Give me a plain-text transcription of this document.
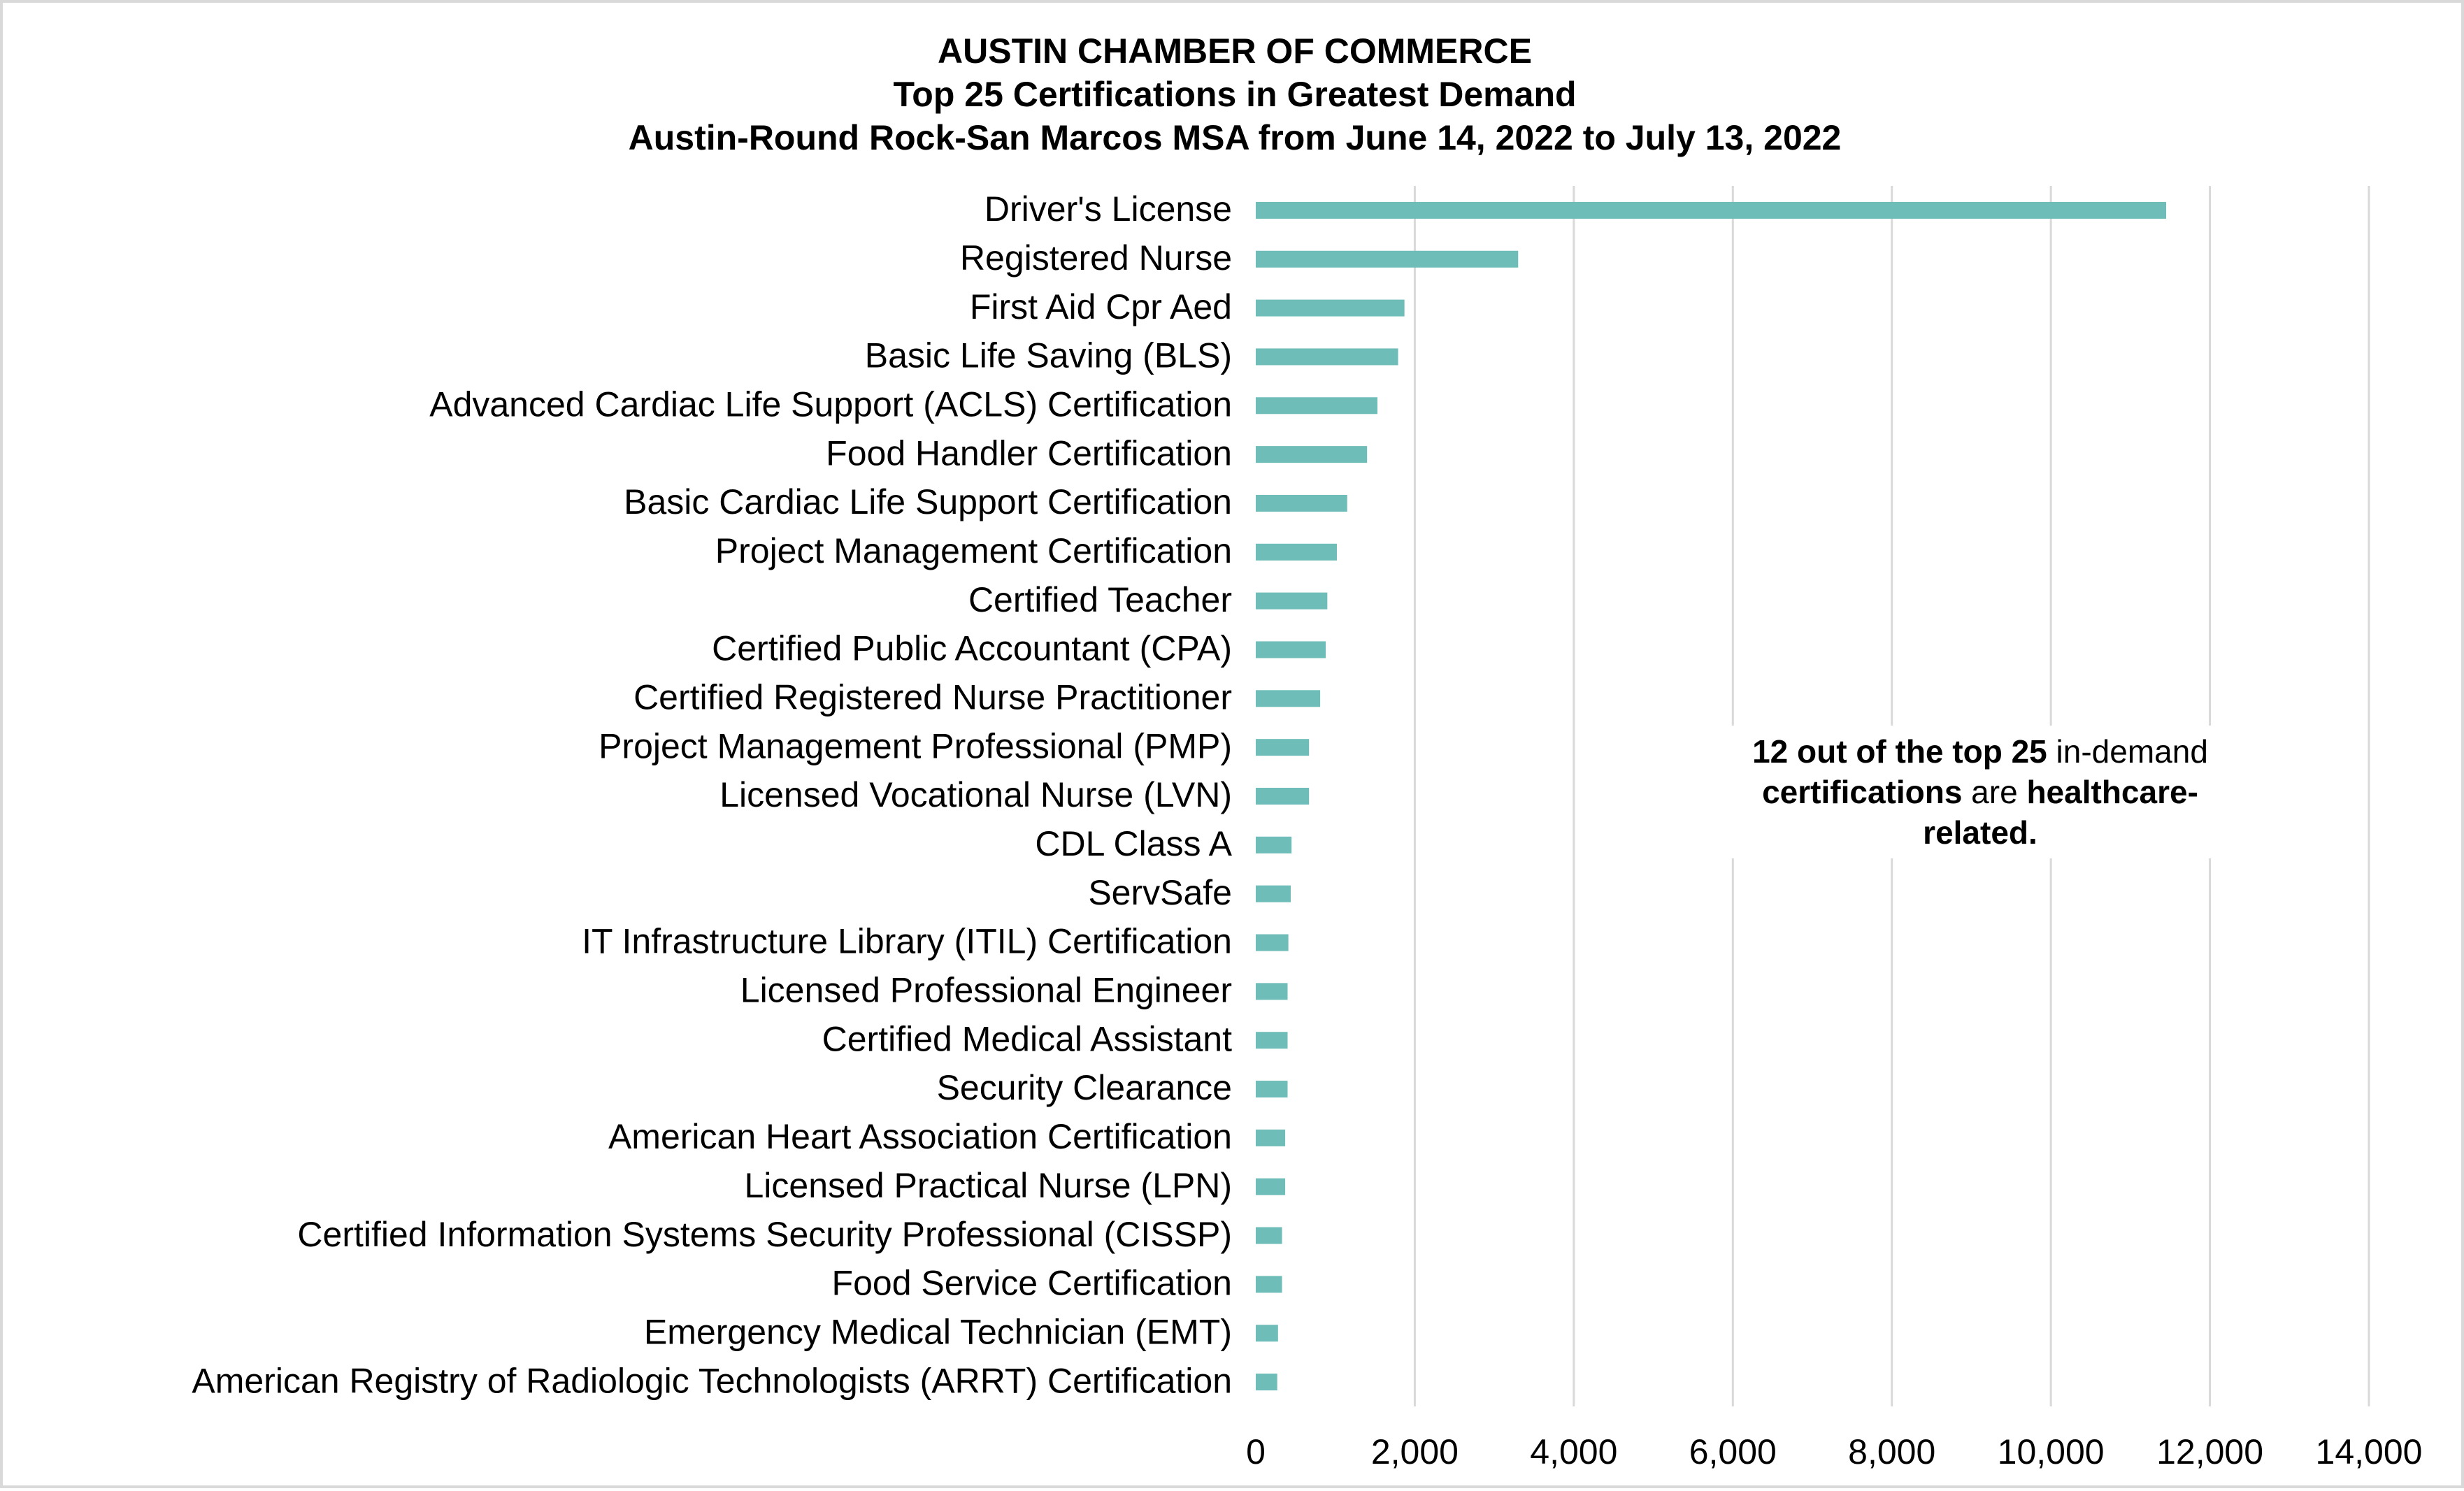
AUSTIN CHAMBER OF COMMERCE
Top 25 Certifications in Greatest Demand
Austin-Round Rock-San Marcos MSA from June 14, 2022 to July 13, 2022
Driver's License
Registered Nurse
First Aid Cpr Aed
Basic Life Saving (BLS)
Advanced Cardiac Life Support (ACLS) Certification
Food Handler Certification
Basic Cardiac Life Support Certification
Project Management Certification
Certified Teacher
Certified Public Accountant (CPA)
Certified Registered Nurse Practitioner
Project Management Professional (PMP)
Licensed Vocational Nurse (LVN)
CDL Class A
ServSafe
IT Infrastructure Library (ITIL) Certification
Licensed Professional Engineer
Certified Medical Assistant
Security Clearance
American Heart Association Certification
Licensed Practical Nurse (LPN)
Certified Information Systems Security Professional (CISSP)
Food Service Certification
Emergency Medical Technician (EMT)
American Registry of Radiologic Technologists (ARRT) Certification
0	2,000 4,000 6,000 8,000 10,000 12,000 14,000
12 out of the top 25 in-demand certifications are healthcare-related.
